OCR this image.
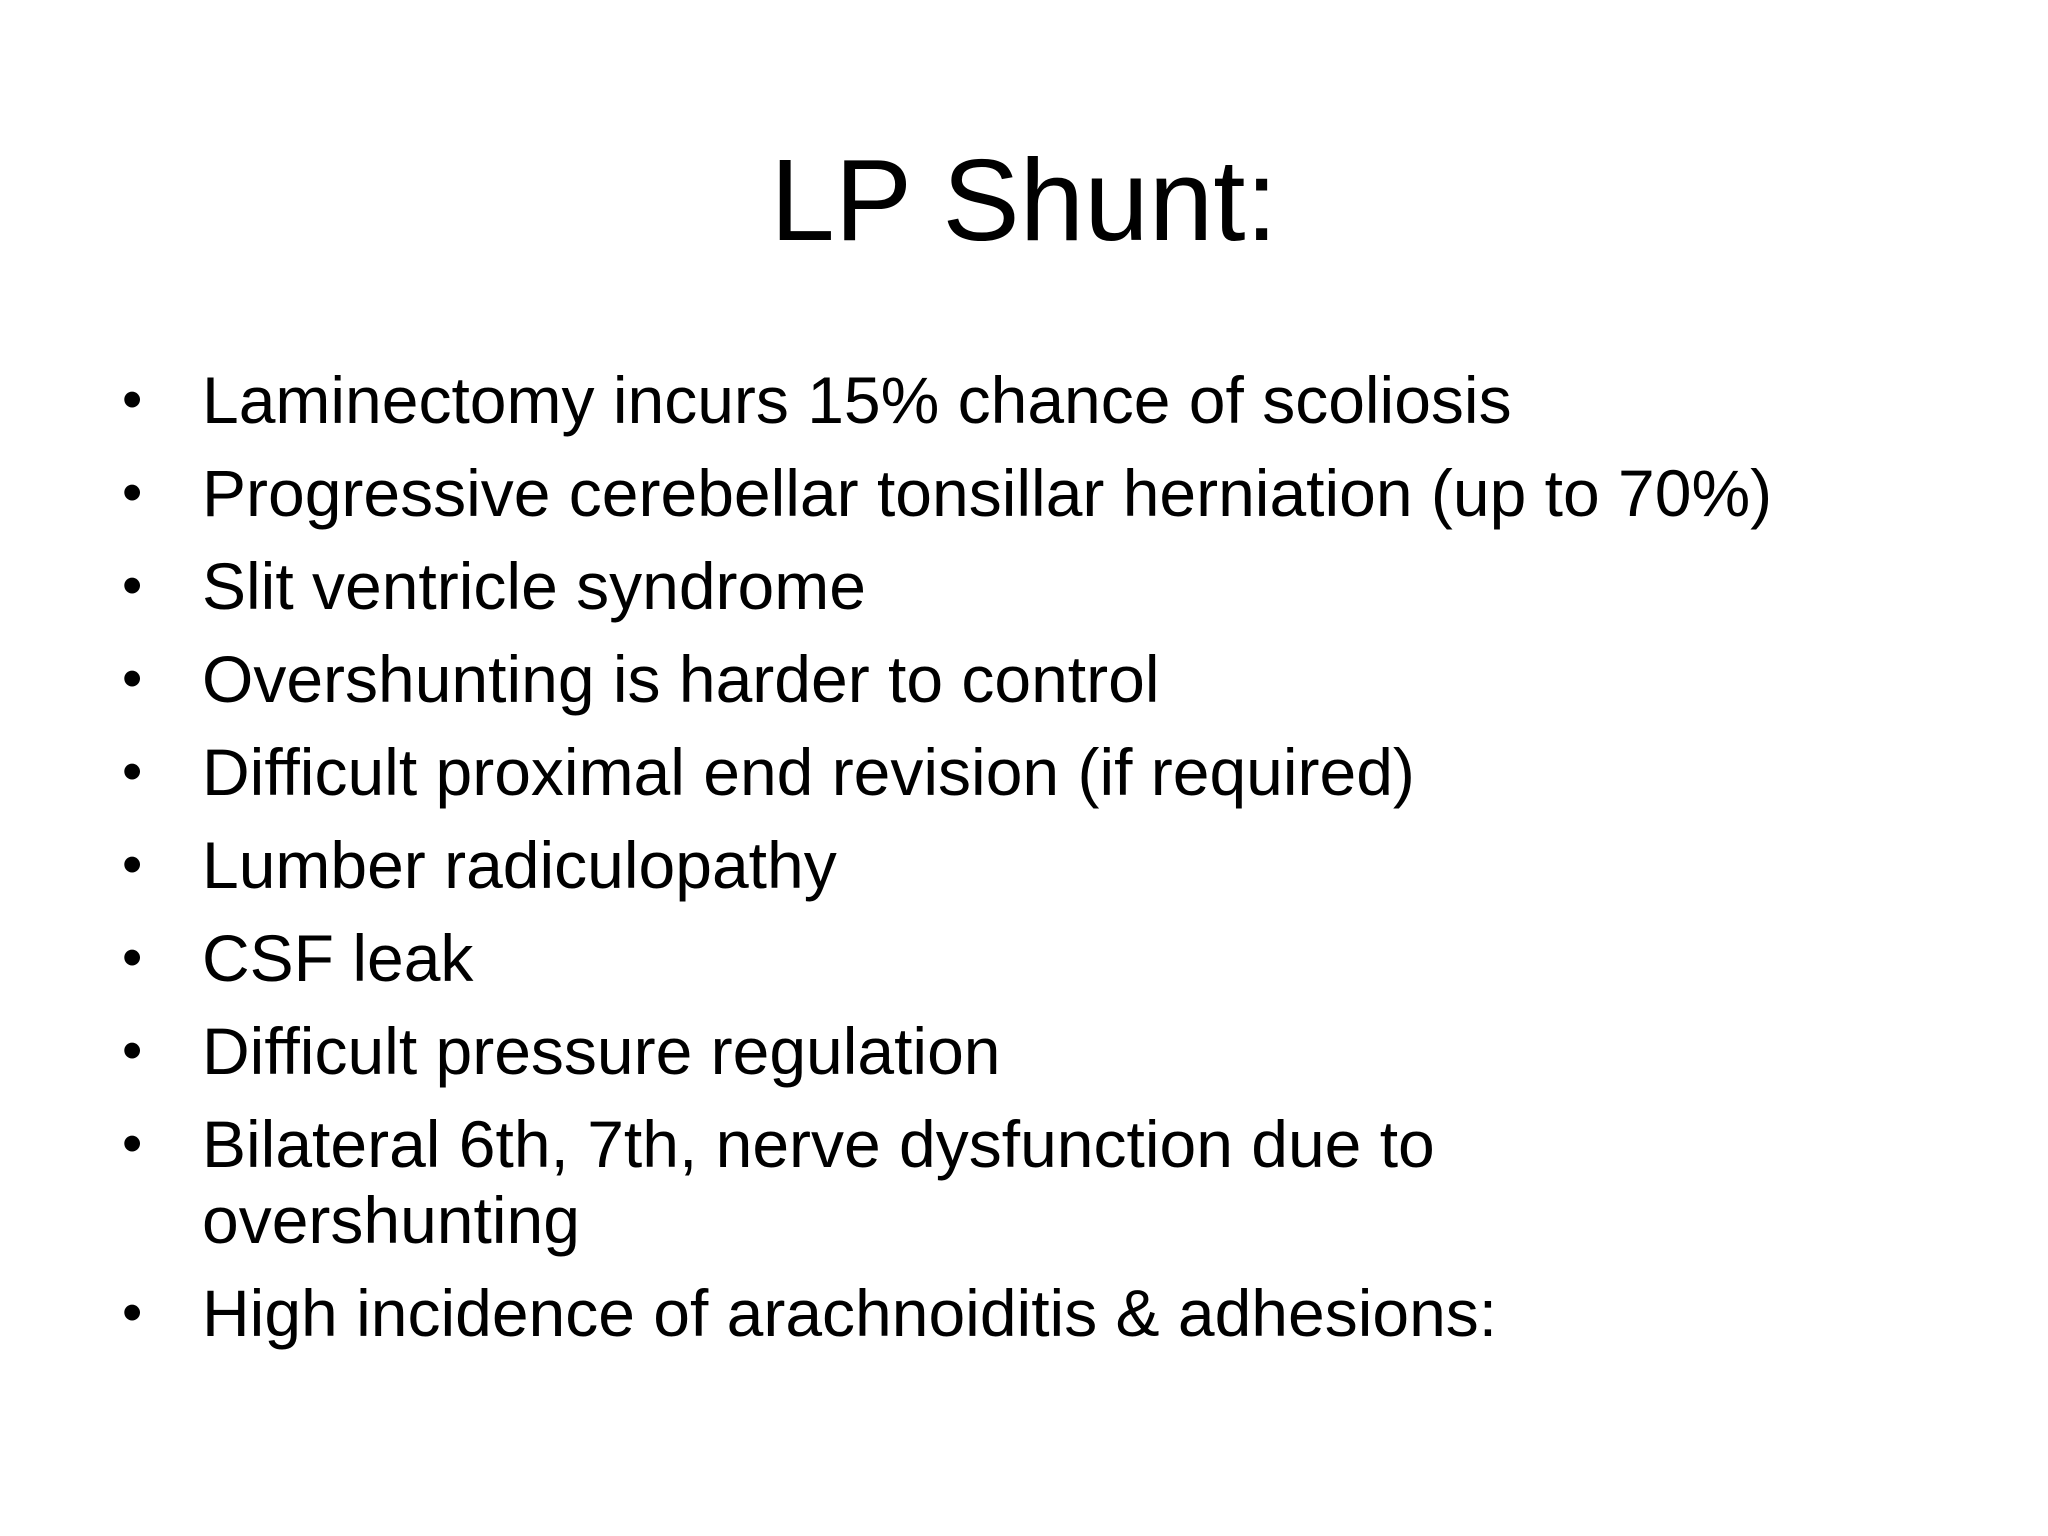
LP Shunt:
• Laminectomy incurs 15% chance of scoliosis
• Progressive cerebellar tonsillar herniation (up to 70%)
• Slit ventricle syndrome
• Overshunting is harder to control
• Difficult proximal end revision (if required)
• Lumber radiculopathy
• CSF leak
• Difficult pressure regulation
• Bilateral 6th, 7th, nerve dysfunction due to overshunting
• High incidence of arachnoiditis & adhesions:
